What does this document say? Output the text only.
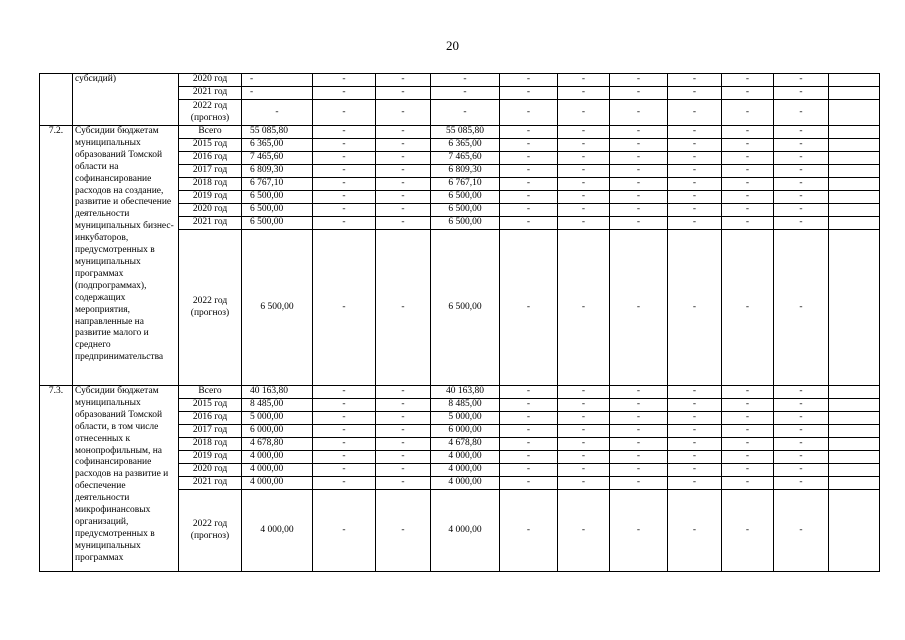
20
	субсидий)	2020 год	-	-	-	-	-	-	-	-	-	-	
		2021 год	-	-	-	-	-	-	-	-	-	-	
		2022 год (прогноз)	-	-	-	-	-	-	-	-	-	-	
7.2.	Субсидии бюджетам муниципальных образований Томской области на софинансирование расходов на создание, развитие и обеспечение деятельности муниципальных бизнес-инкубаторов, предусмотренных в муниципальных программах (подпрограммах), содержащих мероприятия, направленные на развитие малого и среднего предпринимательства	Всего	55 085,80	-	-	55 085,80	-	-	-	-	-	-	
		2015 год	6 365,00	-	-	6 365,00	-	-	-	-	-	-	
		2016 год	7 465,60	-	-	7 465,60	-	-	-	-	-	-	
		2017 год	6 809,30	-	-	6 809,30	-	-	-	-	-	-	
		2018 год	6 767,10	-	-	6 767,10	-	-	-	-	-	-	
		2019 год	6 500,00	-	-	6 500,00	-	-	-	-	-	-	
		2020 год	6 500,00	-	-	6 500,00	-	-	-	-	-	-	
		2021 год	6 500,00	-	-	6 500,00	-	-	-	-	-	-	
		2022 год (прогноз)	6 500,00	-	-	6 500,00	-	-	-	-	-	-	
7.3.	Субсидии бюджетам муниципальных образований Томской области, в том числе отнесенных к монопрофильным, на софинансирование расходов на развитие и обеспечение деятельности микрофинансовых организаций, предусмотренных в муниципальных программах	Всего	40 163,80	-	-	40 163,80	-	-	-	-	-	-	
		2015 год	8 485,00	-	-	8 485,00	-	-	-	-	-	-	
		2016 год	5 000,00	-	-	5 000,00	-	-	-	-	-	-	
		2017 год	6 000,00	-	-	6 000,00	-	-	-	-	-	-	
		2018 год	4 678,80	-	-	4 678,80	-	-	-	-	-	-	
		2019 год	4 000,00	-	-	4 000,00	-	-	-	-	-	-	
		2020 год	4 000,00	-	-	4 000,00	-	-	-	-	-	-	
		2021 год	4 000,00	-	-	4 000,00	-	-	-	-	-	-	
		2022 год (прогноз)	4 000,00	-	-	4 000,00	-	-	-	-	-	-	
